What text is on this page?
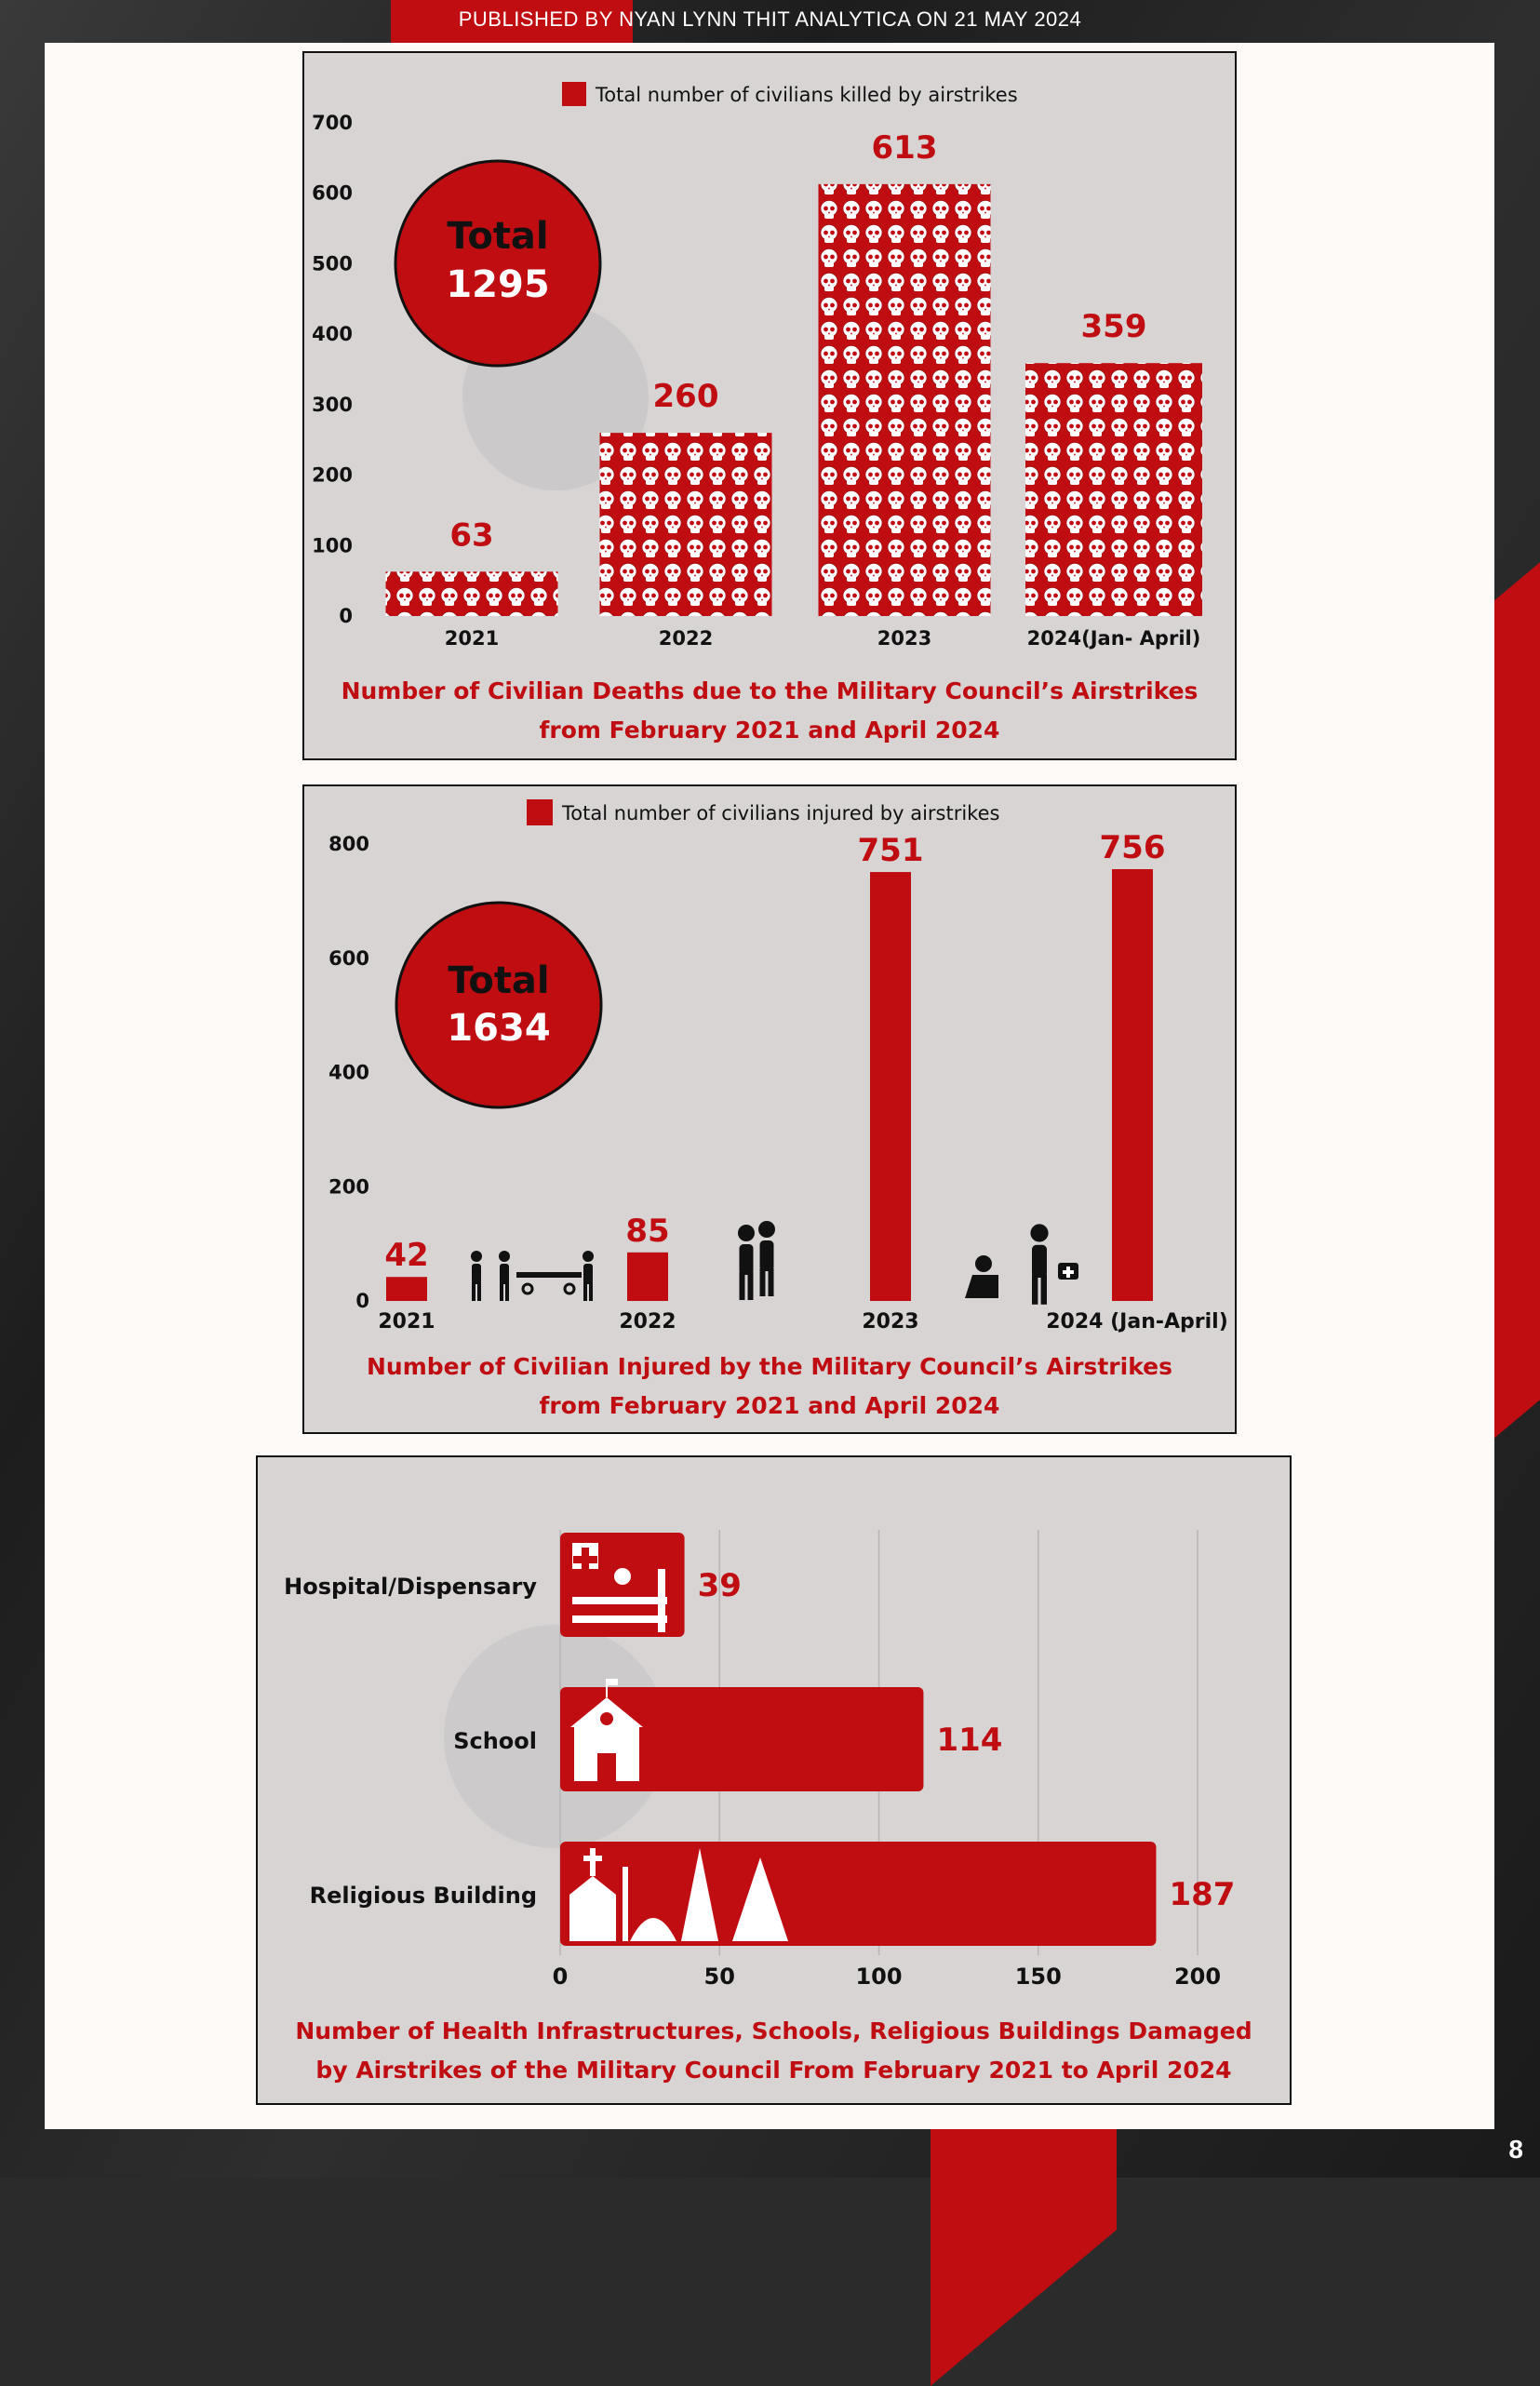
PUBLISHED BY NYAN LYNN THIT ANALYTICA ON 21 MAY 2024
Total number of civilians killed by airstrikes
0
100
200
300
400
500
600
700
63
2021
260
2022
613
2023
359
2024(Jan- April)
Total
1295
Number of Civilian Deaths due to the Military Council’s Airstrikes
from February 2021 and April 2024
Total number of civilians injured by airstrikes
0
200
400
600
800
42
85
751	756
2021	2022	2023	2024 (Jan-April)
Total
1634
Number of Civilian Injured by the Military Council’s Airstrikes
from February 2021 and April 2024
0	50	100	150	200
39
Hospital/Dispensary
114
School
187
Religious Building
Number of Health Infrastructures, Schools, Religious Buildings Damaged
by Airstrikes of the Military Council From February 2021 to April 2024
8
